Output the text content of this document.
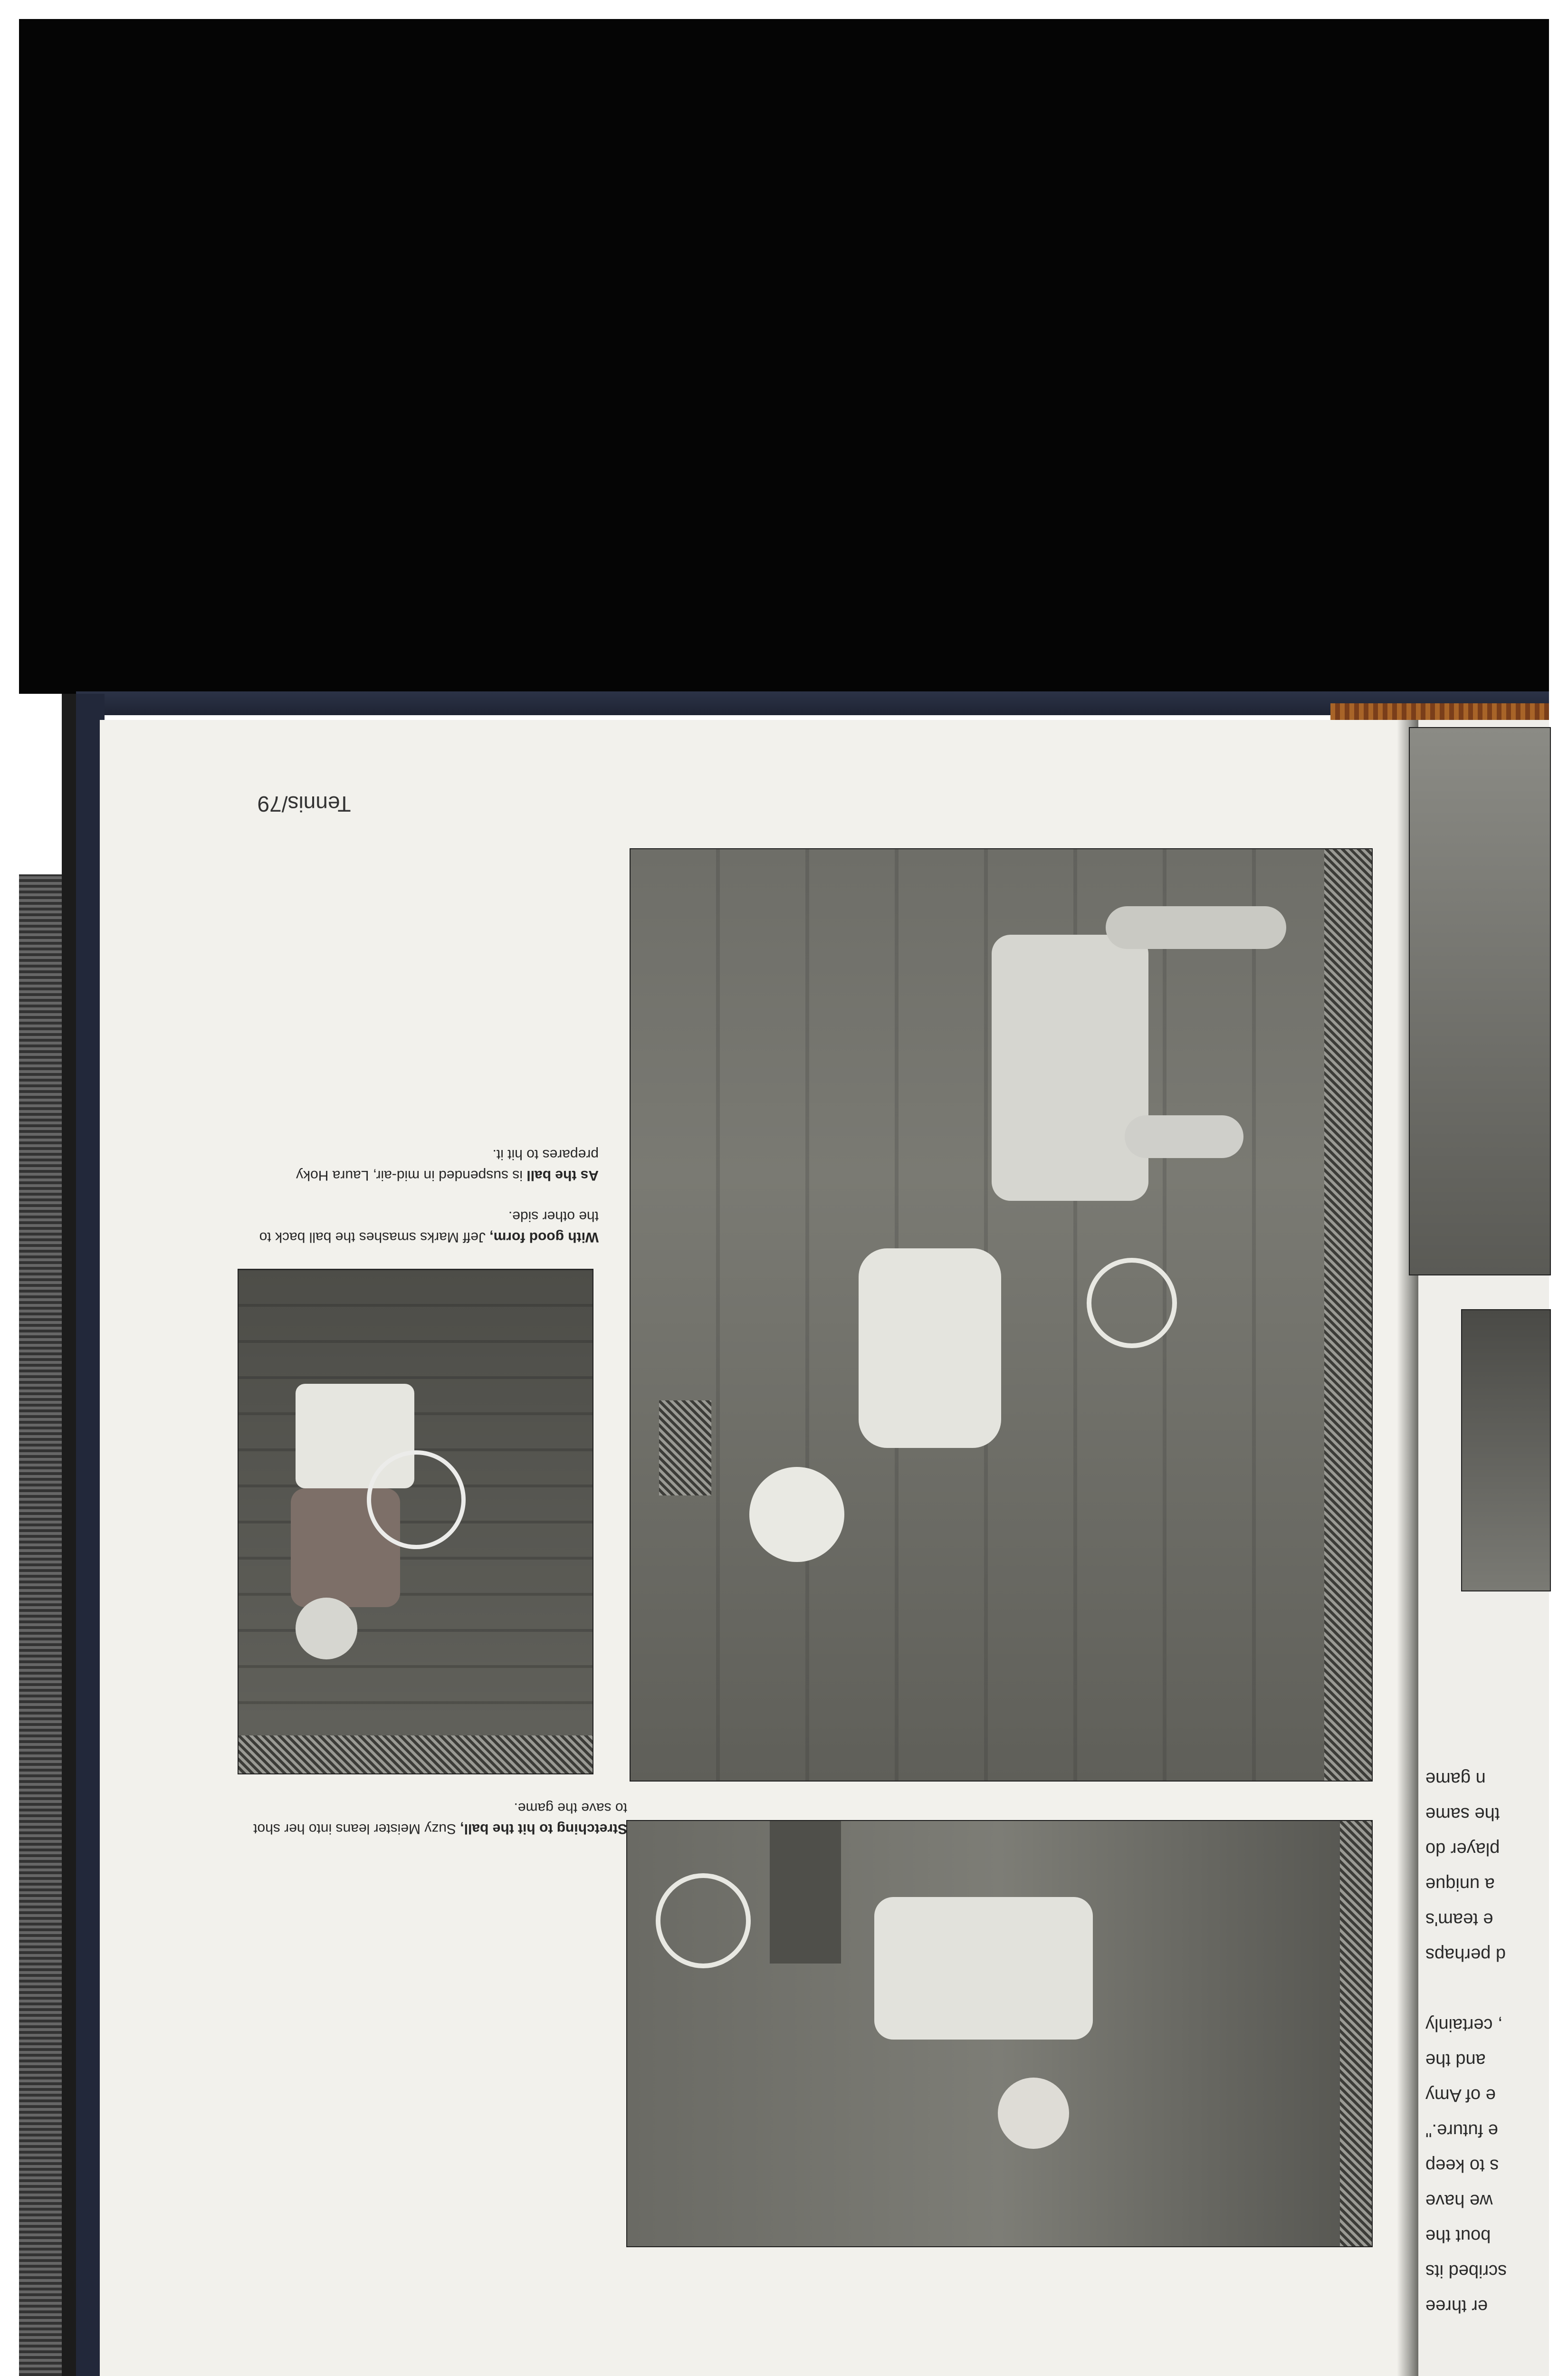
Tennis/79
With good form, Jeff Marks smashes the ball back to the other side.
As the ball is suspended in mid-air, Laura Hoky prepares to hit it.
Stretching to hit the ball, Suzy Meister leans into her shot to save the game.
er three
scribed its
bout the
we have
s to keep
e future."
e of Amy
and the
, certainly

d perhaps
e team's
a unique
player do
the same
n game
